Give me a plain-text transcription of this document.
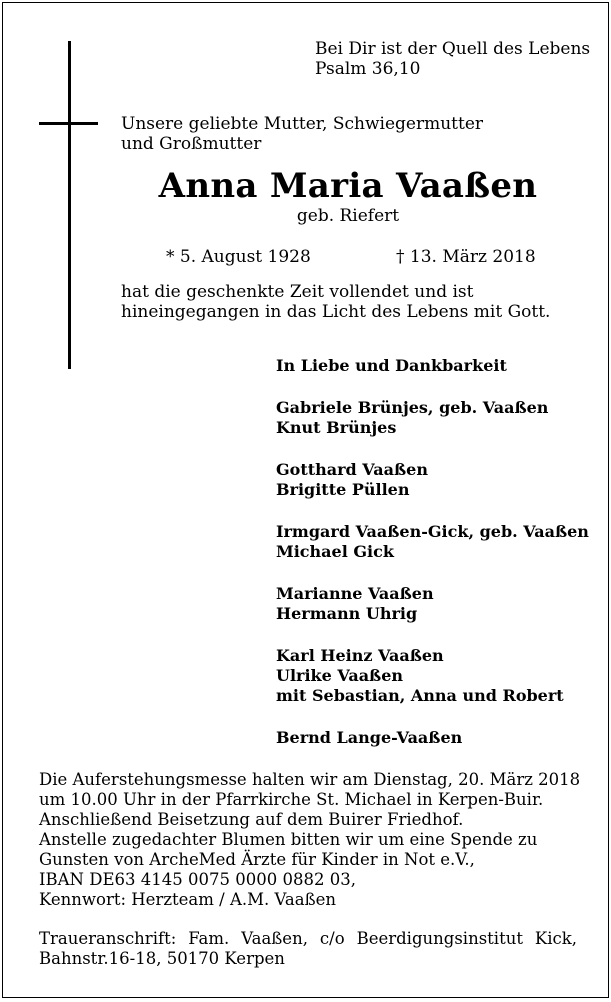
Bei Dir ist der Quell des Lebens
Psalm 36,10
Unsere geliebte Mutter, Schwiegermutter
und Großmutter
Anna Maria Vaaßen
geb. Riefert
* 5. August 1928	† 13. März 2018
hat die geschenkte Zeit vollendet und ist
hineingegangen in das Licht des Lebens mit Gott.
In Liebe und Dankbarkeit
Gabriele Brünjes, geb. Vaaßen
Knut Brünjes
Gotthard Vaaßen
Brigitte Püllen
Irmgard Vaaßen-Gick, geb. Vaaßen
Michael Gick
Marianne Vaaßen
Hermann Uhrig
Karl Heinz Vaaßen
Ulrike Vaaßen
mit Sebastian, Anna und Robert
Bernd Lange-Vaaßen
Die Auferstehungsmesse halten wir am Dienstag, 20. März 2018
um 10.00 Uhr in der Pfarrkirche St. Michael in Kerpen-Buir.
Anschließend Beisetzung auf dem Buirer Friedhof.
Anstelle zugedachter Blumen bitten wir um eine Spende zu
Gunsten von ArcheMed Ärzte für Kinder in Not e.V.,
IBAN DE63 4145 0075 0000 0882 03,
Kennwort: Herzteam / A.M. Vaaßen
Traueranschrift: Fam. Vaaßen, c/o Beerdigungsinstitut Kick,
Bahnstr.16-18, 50170 Kerpen
